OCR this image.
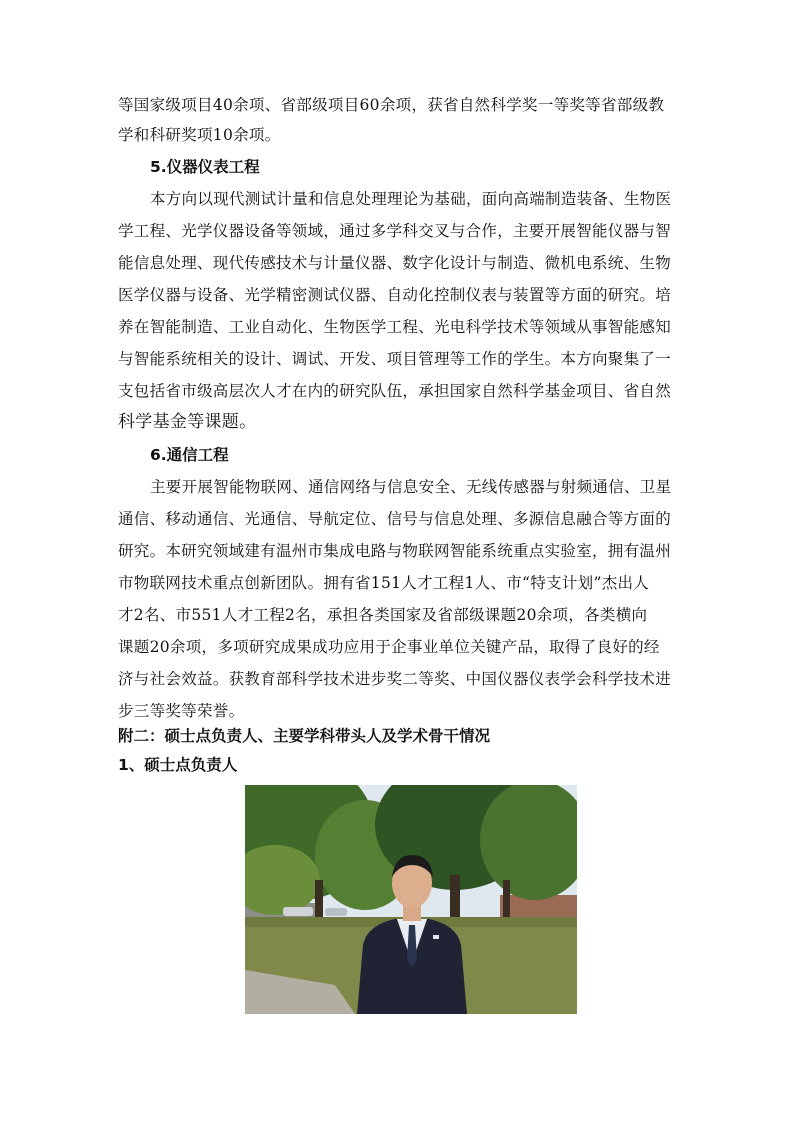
等国家级项目40余项、省部级项目60余项，获省自然科学奖一等奖等省部级教
学和科研奖项10余项。
5.仪器仪表工程
本方向以现代测试计量和信息处理理论为基础，面向高端制造装备、生物医
学工程、光学仪器设备等领域，通过多学科交叉与合作，主要开展智能仪器与智
能信息处理、现代传感技术与计量仪器、数字化设计与制造、微机电系统、生物
医学仪器与设备、光学精密测试仪器、自动化控制仪表与装置等方面的研究。培
养在智能制造、工业自动化、生物医学工程、光电科学技术等领域从事智能感知
与智能系统相关的设计、调试、开发、项目管理等工作的学生。本方向聚集了一
支包括省市级高层次人才在内的研究队伍，承担国家自然科学基金项目、省自然
科学基金等课题。
6.通信工程
主要开展智能物联网、通信网络与信息安全、无线传感器与射频通信、卫星
通信、移动通信、光通信、导航定位、信号与信息处理、多源信息融合等方面的
研究。本研究领域建有温州市集成电路与物联网智能系统重点实验室，拥有温州
市物联网技术重点创新团队。拥有省151人才工程1人、市“特支计划”杰出人
才2名、市551人才工程2名，承担各类国家及省部级课题20余项，各类横向
课题20余项，多项研究成果成功应用于企事业单位关键产品，取得了良好的经
济与社会效益。获教育部科学技术进步奖二等奖、中国仪器仪表学会科学技术进
步三等奖等荣誉。
附二：硕士点负责人、主要学科带头人及学术骨干情况
1、硕士点负责人
